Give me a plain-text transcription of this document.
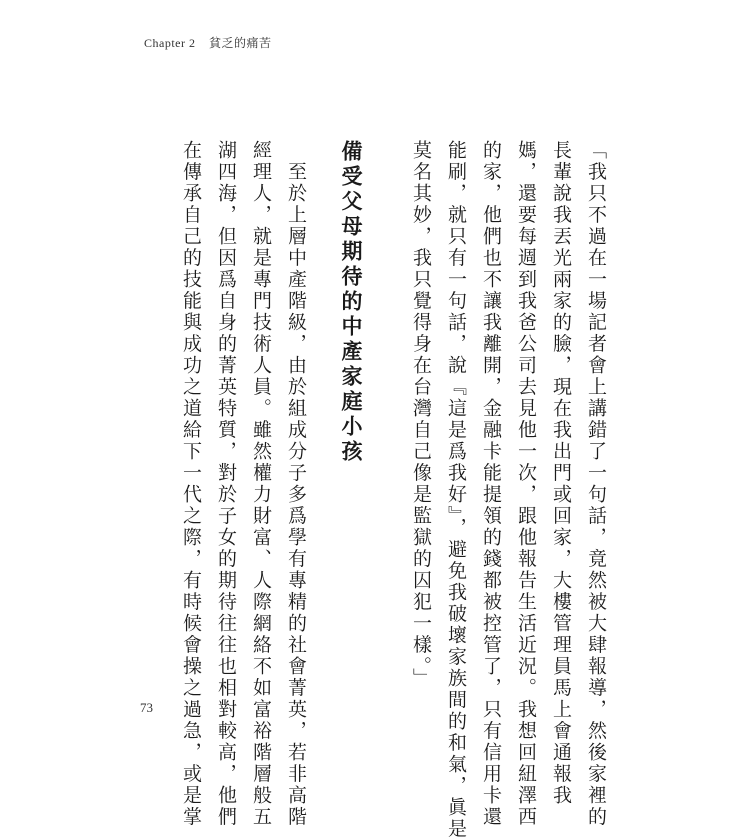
Chapter 2 貧乏的痛苦
「我只不過在一場記者會上講錯了一句話，竟然被大肆報導，然後家裡的
長輩說我丟光兩家的臉，現在我出門或回家，大樓管理員馬上會通報我
媽，還要每週到我爸公司去見他一次，跟他報告生活近況。我想回紐澤西
的家，他們也不讓我離開，金融卡能提領的錢都被控管了，只有信用卡還
能刷，就只有一句話，說『這是爲我好』，避免我破壞家族間的和氣，眞是
莫名其妙，我只覺得身在台灣自己像是監獄的囚犯一樣。」
備受父母期待的中產家庭小孩
　至於上層中產階級，由於組成分子多爲學有專精的社會菁英，若非高階
經理人，就是專門技術人員。雖然權力財富、人際網絡不如富裕階層般五
湖四海，但因爲自身的菁英特質，對於子女的期待往往也相對較高，他們
在傳承自己的技能與成功之道給下一代之際，有時候會操之過急，或是掌
73
